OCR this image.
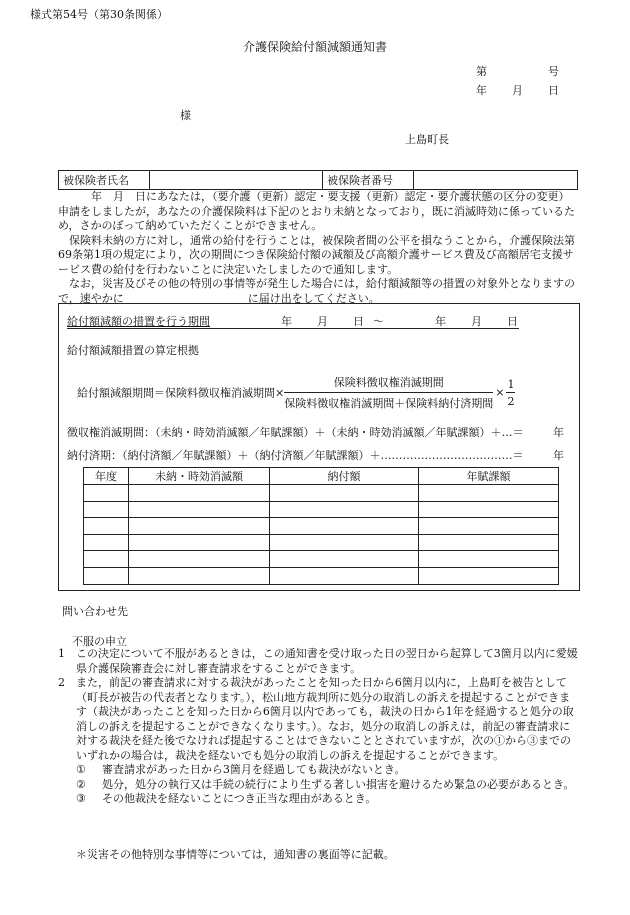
様式第54号（第30条関係）
介護保険給付額減額通知書
第	号
年 月 日
様
上島町長
被保険者氏名		被保険者番号	

年　月　日にあなたは，（要介護（更新）認定・要支援（更新）認定・要介護状態の区分の変更）申請をしましたが，あなたの介護保険料は下記のとおり未納となっており，既に消滅時効に係っているため，さかのぼって納めていただくことができません。

保険料未納の方に対し，通常の給付を行うことは，被保険者間の公平を損なうことから，介護保険法第69条第1項の規定により，次の期間につき保険給付額の減額及び高額介護サービス費及び高額居宅支援サービス費の給付を行わないことに決定いたしましたので通知します。

なお，災害及びその他の特別の事情等が発生した場合には，給付額減額等の措置の対象外となりますので，速やかに	に届け出をしてください。

給付額減額の措置を行う期間	年 月 日 ～	年 月 日
給付額減額措置の算定根拠
給付額減額期間＝保険料徴収権消滅期間× $\frac{\text{保険料徴収権消滅期間}}{\text{保険料徴収権消滅期間＋保険料納付済期間}} \times \frac{1}{2}$
徴収権消滅期間：（未納・時効消滅額／年賦課額）＋（未納・時効消滅額／年賦課額）＋…＝	年
納付済期：（納付済額／年賦課額）＋（納付済額／年賦課額）＋………………………………＝	年
年度	未納・時効消滅額	納付額	年賦課額

問い合わせ先
不服の申立
1	この決定について不服があるときは，この通知書を受け取った日の翌日から起算して3箇月以内に愛媛県介護保険審査会に対し審査請求をすることができます。
2	また，前記の審査請求に対する裁決があったことを知った日から6箇月以内に，上島町を被告として（町長が被告の代表者となります。），松山地方裁判所に処分の取消しの訴えを提起することができます（裁決があったことを知った日から6箇月以内であっても，裁決の日から1年を経過すると処分の取消しの訴えを提起することができなくなります。）。なお，処分の取消しの訴えは，前記の審査請求に対する裁決を経た後でなければ提起することはできないこととされていますが，次の①から③までのいずれかの場合は，裁決を経ないでも処分の取消しの訴えを提起することができます。
①	審査請求があった日から3箇月を経過しても裁決がないとき。
②	処分，処分の執行又は手続の続行により生ずる著しい損害を避けるため緊急の必要があるとき。
③	その他裁決を経ないことにつき正当な理由があるとき。
＊災害その他特別な事情等については，通知書の裏面等に記載。
